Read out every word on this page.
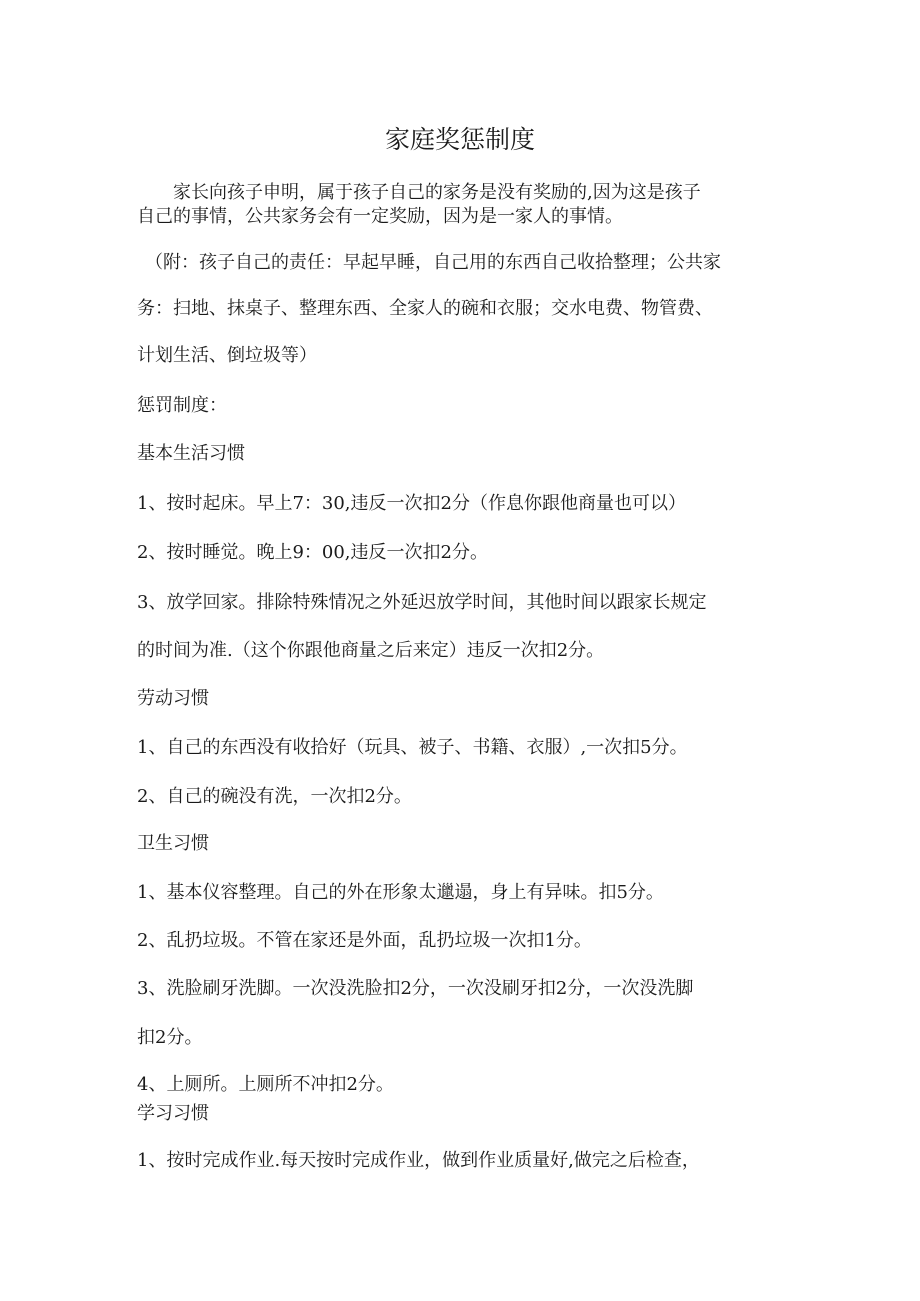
家庭奖惩制度
家长向孩子申明，属于孩子自己的家务是没有奖励的,因为这是孩子
自己的事情，公共家务会有一定奖励，因为是一家人的事情。
（附：孩子自己的责任：早起早睡，自己用的东西自己收拾整理；公共家
务：扫地、抹桌子、整理东西、全家人的碗和衣服；交水电费、物管费、
计划生活、倒垃圾等）
惩罚制度：
基本生活习惯
1、按时起床。早上7：30,违反一次扣2分（作息你跟他商量也可以）
2、按时睡觉。晚上9：00,违反一次扣2分。
3、放学回家。排除特殊情况之外延迟放学时间，其他时间以跟家长规定
的时间为准.（这个你跟他商量之后来定）违反一次扣2分。
劳动习惯
1、自己的东西没有收拾好（玩具、被子、书籍、衣服）,一次扣5分。
2、自己的碗没有洗，一次扣2分。
卫生习惯
1、基本仪容整理。自己的外在形象太邋遢，身上有异味。扣5分。
2、乱扔垃圾。不管在家还是外面，乱扔垃圾一次扣1分。
3、洗脸刷牙洗脚。一次没洗脸扣2分，一次没刷牙扣2分，一次没洗脚
扣2分。
4、上厕所。上厕所不冲扣2分。
学习习惯
1、按时完成作业.每天按时完成作业，做到作业质量好,做完之后检查，
